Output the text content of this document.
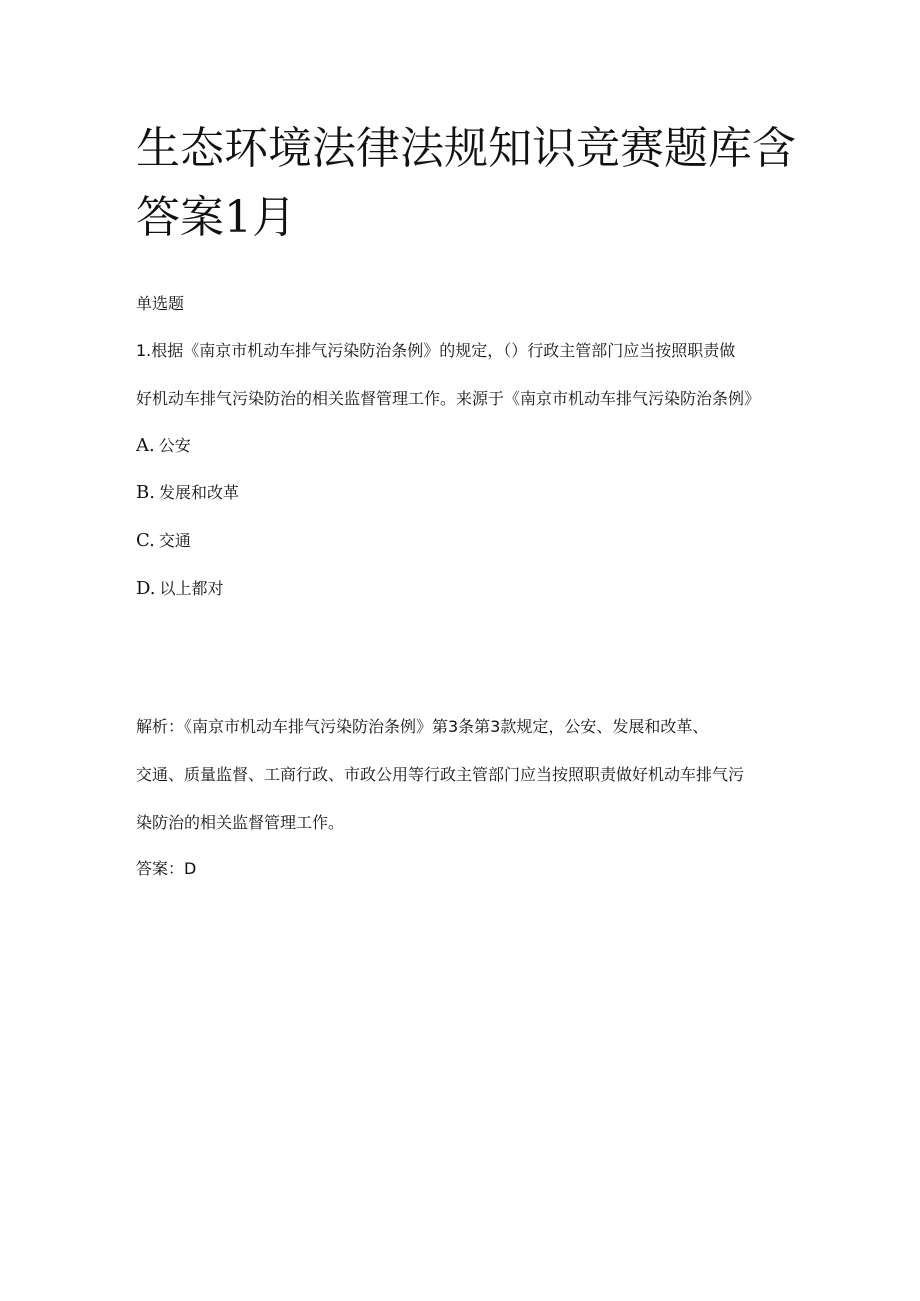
生态环境法律法规知识竞赛题库含
答案1月
单选题
1.根据《南京市机动车排气污染防治条例》的规定，（）行政主管部门应当按照职责做
好机动车排气污染防治的相关监督管理工作。来源于《南京市机动车排气污染防治条例》
A. 公安
B. 发展和改革
C. 交通
D. 以上都对
解析：《南京市机动车排气污染防治条例》第3条第3款规定，公安、发展和改革、
交通、质量监督、工商行政、市政公用等行政主管部门应当按照职责做好机动车排气污
染防治的相关监督管理工作。
答案：D
